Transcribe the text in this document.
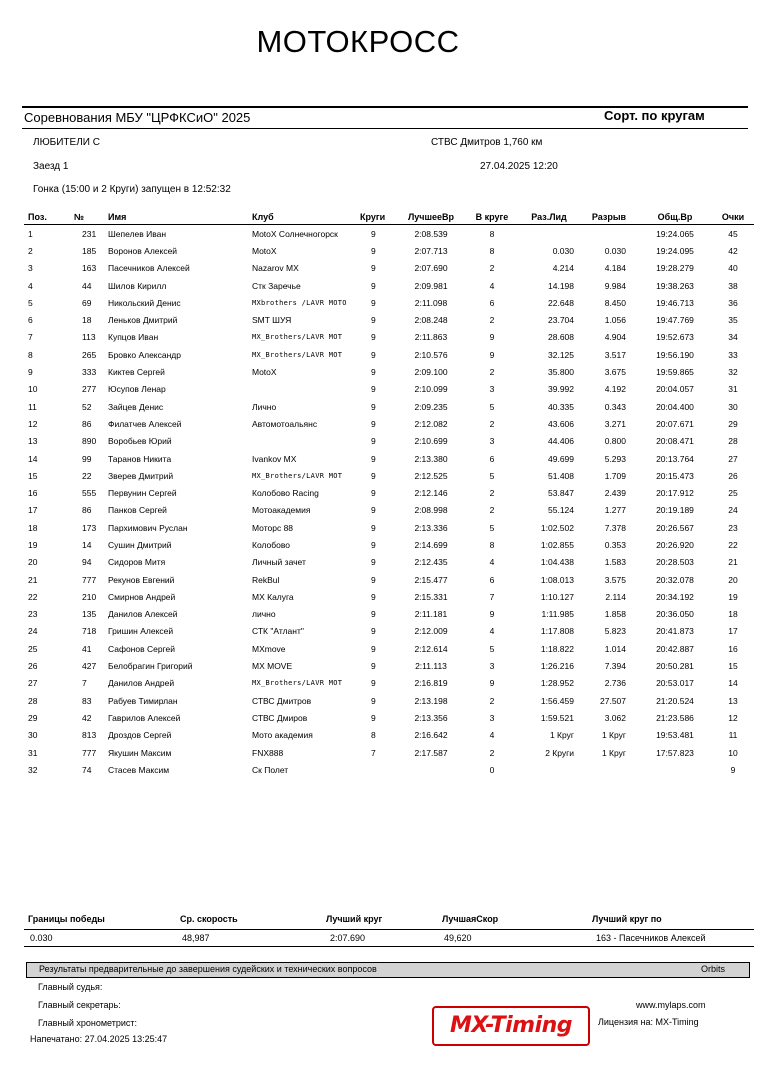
МОТОКРОСС
Соревнования МБУ "ЦРФКСиО" 2025	Сорт. по кругам
ЛЮБИТЕЛИ С	СТВС Дмитров 1,760 км
Заезд 1	27.04.2025 12:20
Гонка (15:00 и 2 Круги) запущен в 12:52:32
Поз.	№	Имя	Клуб	Круги	ЛучшееВр	В круге	Раз.Лид	Разрыв	Общ.Вр	Очки
1	231	Шепелев Иван	MotoX Солнечногорск	9	2:08.539	8			19:24.065	45
2	185	Воронов Алексей	MotoX	9	2:07.713	8	0.030	0.030	19:24.095	42
3	163	Пасечников Алексей	Nazarov MX	9	2:07.690	2	4.214	4.184	19:28.279	40
4	44	Шилов Кирилл	Стк Заречье	9	2:09.981	4	14.198	9.984	19:38.263	38
5	69	Никольский Денис	MXbrothers /LAVR MOTO	9	2:11.098	6	22.648	8.450	19:46.713	36
6	18	Леньков Дмитрий	SMT ШУЯ	9	2:08.248	2	23.704	1.056	19:47.769	35
7	113	Купцов Иван	MX_Brothers/LAVR MOT	9	2:11.863	9	28.608	4.904	19:52.673	34
8	265	Бровко Александр	MX_Brothers/LAVR MOT	9	2:10.576	9	32.125	3.517	19:56.190	33
9	333	Киктев Сергей	MotoX	9	2:09.100	2	35.800	3.675	19:59.865	32
10	277	Юсупов Ленар		9	2:10.099	3	39.992	4.192	20:04.057	31
11	52	Зайцев Денис	Лично	9	2:09.235	5	40.335	0.343	20:04.400	30
12	86	Филатчев Алексей	Автомотоальянс	9	2:12.082	2	43.606	3.271	20:07.671	29
13	890	Воробьев Юрий		9	2:10.699	3	44.406	0.800	20:08.471	28
14	99	Таранов Никита	Ivankov MX	9	2:13.380	6	49.699	5.293	20:13.764	27
15	22	Зверев Дмитрий	MX_Brothers/LAVR MOT	9	2:12.525	5	51.408	1.709	20:15.473	26
16	555	Первунин Сергей	Колобово Racing	9	2:12.146	2	53.847	2.439	20:17.912	25
17	86	Панков Сергей	Мотоакадемия	9	2:08.998	2	55.124	1.277	20:19.189	24
18	173	Пархимович Руслан	Моторс 88	9	2:13.336	5	1:02.502	7.378	20:26.567	23
19	14	Сушин Дмитрий	Колобово	9	2:14.699	8	1:02.855	0.353	20:26.920	22
20	94	Сидоров Митя	Личный зачет	9	2:12.435	4	1:04.438	1.583	20:28.503	21
21	777	Рекунов Евгений	RekBul	9	2:15.477	6	1:08.013	3.575	20:32.078	20
22	210	Смирнов Андрей	MX Калуга	9	2:15.331	7	1:10.127	2.114	20:34.192	19
23	135	Данилов Алексей	лично	9	2:11.181	9	1:11.985	1.858	20:36.050	18
24	718	Гришин Алексей	СТК "Атлант"	9	2:12.009	4	1:17.808	5.823	20:41.873	17
25	41	Сафонов Сергей	MXmove	9	2:12.614	5	1:18.822	1.014	20:42.887	16
26	427	Белобрагин Григорий	MX MOVE	9	2:11.113	3	1:26.216	7.394	20:50.281	15
27	7	Данилов Андрей	MX_Brothers/LAVR MOT	9	2:16.819	9	1:28.952	2.736	20:53.017	14
28	83	Рабуев Тимирлан	СТВС Дмитров	9	2:13.198	2	1:56.459	27.507	21:20.524	13
29	42	Гаврилов Алексей	СТВС Дмиров	9	2:13.356	3	1:59.521	3.062	21:23.586	12
30	813	Дроздов Сергей	Мото академия	8	2:16.642	4	1 Круг	1 Круг	19:53.481	11
31	777	Якушин Максим	FNX888	7	2:17.587	2	2 Круги	1 Круг	17:57.823	10
32	74	Стасев Максим	Ск Полет			0				9
Границы победы	Ср. скорость	Лучший круг	ЛучшаяСкор	Лучший круг по
0.030	48,987	2:07.690	49,620	163 - Пасечников Алексей
Результаты предварительные до завершения судейских и технических вопросов	Orbits
Главный судья:
Главный секретарь:
Главный хронометрист:
Напечатано: 27.04.2025 13:25:47
MX-Timing
www.mylaps.com
Лицензия на: MX-Timing
